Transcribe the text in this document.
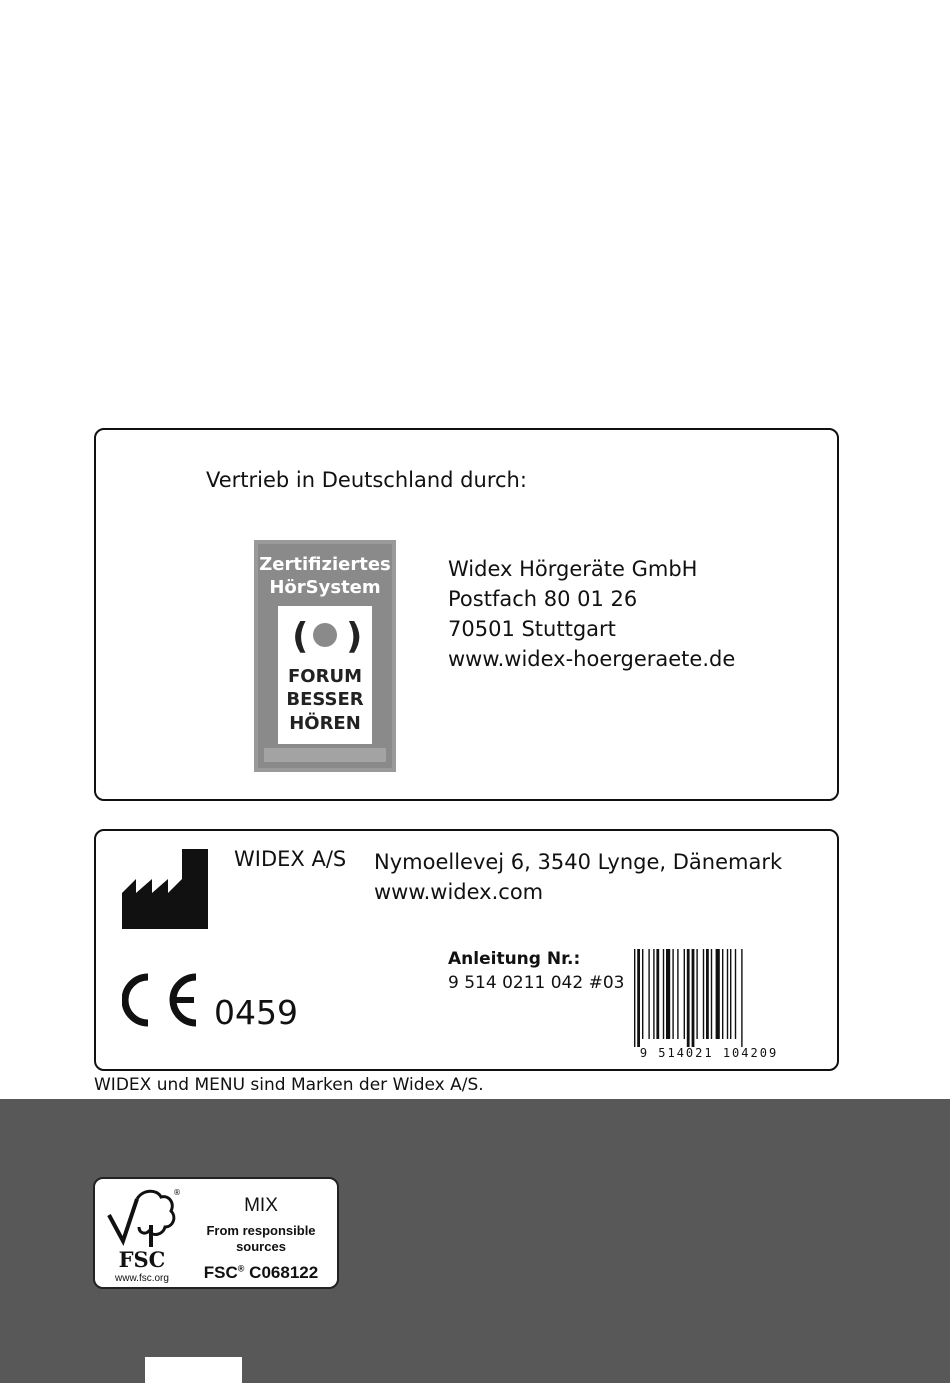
Vertrieb in Deutschland durch:
Zertifiziertes
HörSystem
( )
FORUM
BESSER
HÖREN
Widex Hörgeräte GmbH
Postfach 80 01 26
70501 Stuttgart
www.widex-hoergeraete.de
WIDEX A/S Nymoellevej 6, 3540 Lynge, Dänemark
www.widex.com
0459
Anleitung Nr.:
9 514 0211 042 #03
9 514021 104209
WIDEX und MENU sind Marken der Widex A/S.
®
FSC
www.fsc.org
MIX
From responsible
sources
FSC® C068122
